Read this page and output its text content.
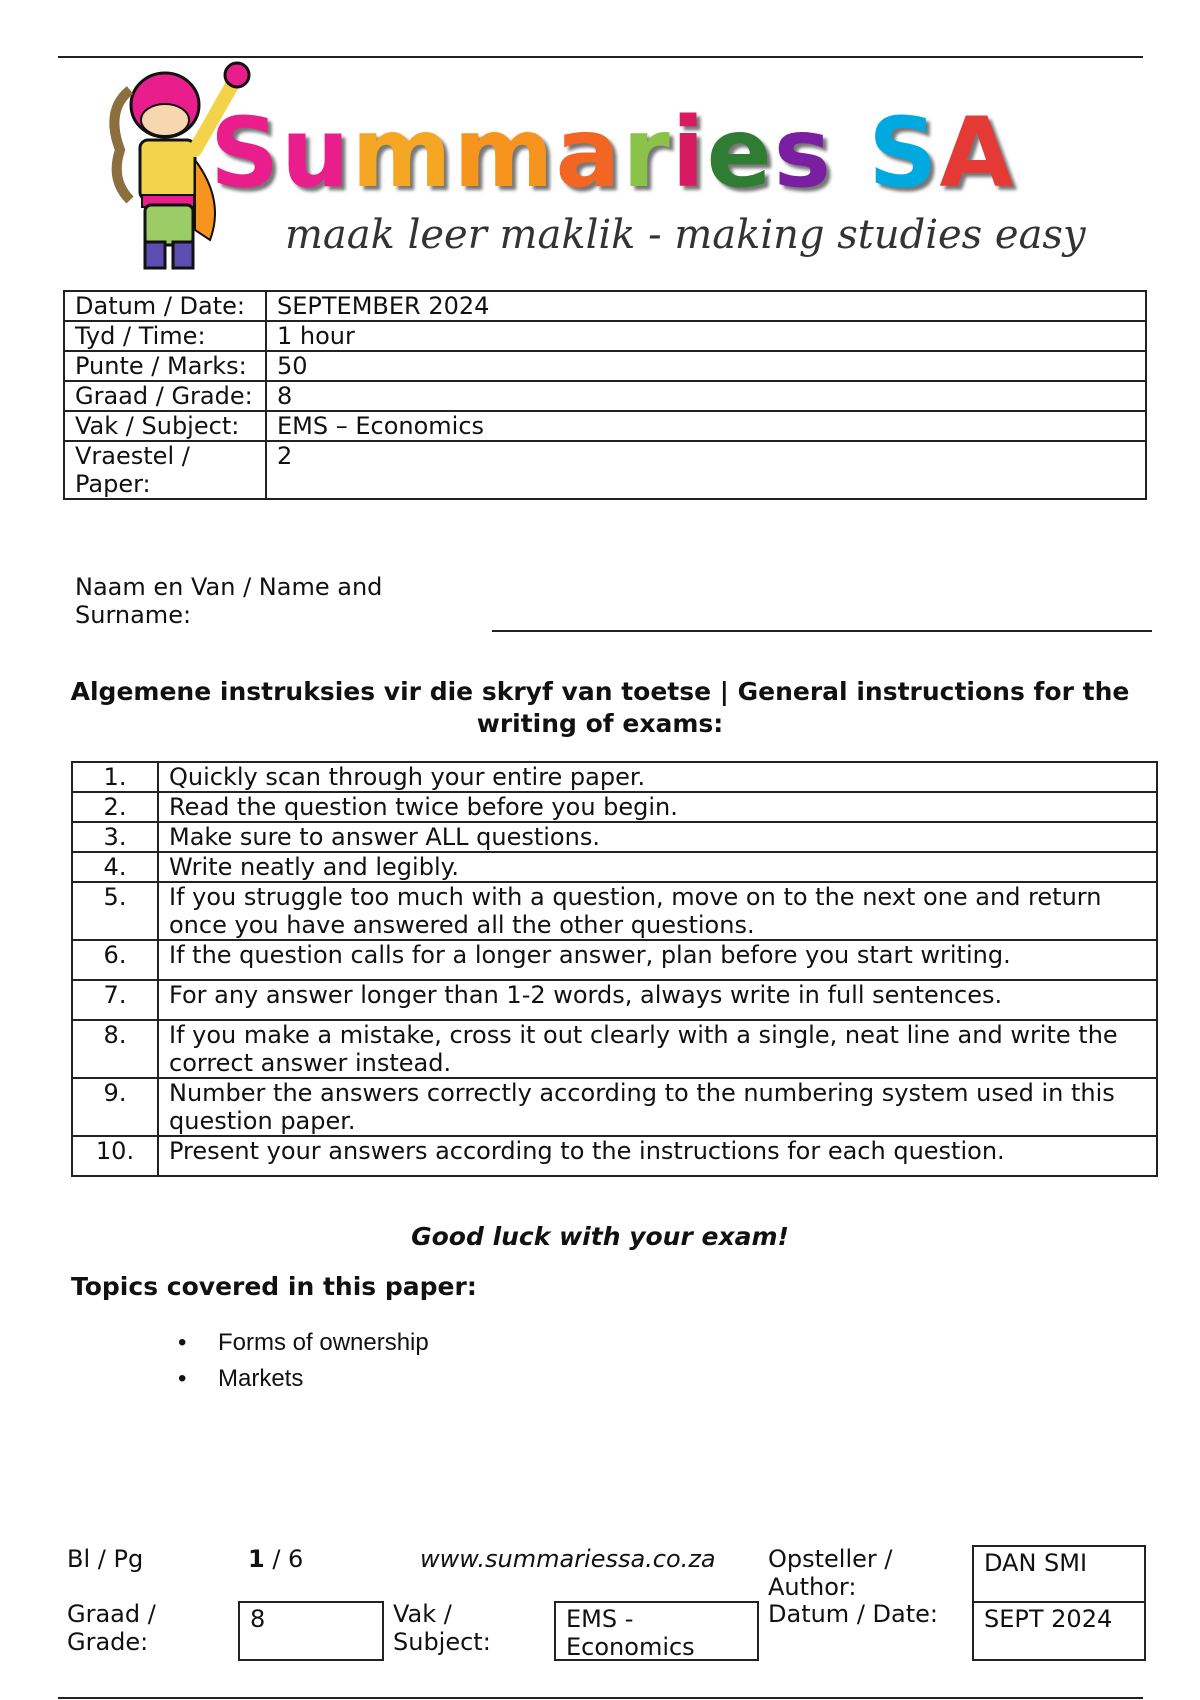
Summaries SA
maak leer maklik - making studies easy
Datum / Date:	SEPTEMBER 2024
Tyd / Time:	1 hour
Punte / Marks:	50
Graad / Grade:	8
Vak / Subject:	EMS – Economics
Vraestel / Paper:	2
Naam en Van / Name and Surname:
Algemene instruksies vir die skryf van toetse | General instructions for the writing of exams:
1.	Quickly scan through your entire paper.
2.	Read the question twice before you begin.
3.	Make sure to answer ALL questions.
4.	Write neatly and legibly.
5.	If you struggle too much with a question, move on to the next one and return once you have answered all the other questions.
6.	If the question calls for a longer answer, plan before you start writing.
7.	For any answer longer than 1-2 words, always write in full sentences.
8.	If you make a mistake, cross it out clearly with a single, neat line and write the correct answer instead.
9.	Number the answers correctly according to the numbering system used in this question paper.
10.	Present your answers according to the instructions for each question.
Good luck with your exam!
Topics covered in this paper:
• Forms of ownership
• Markets
Bl / Pg	1 / 6	www.summariessa.co.za Opsteller / Author:
DAN SMI
Graad / Grade:
8	Vak / Subject:
EMS - Economics
Datum / Date:	SEPT 2024
